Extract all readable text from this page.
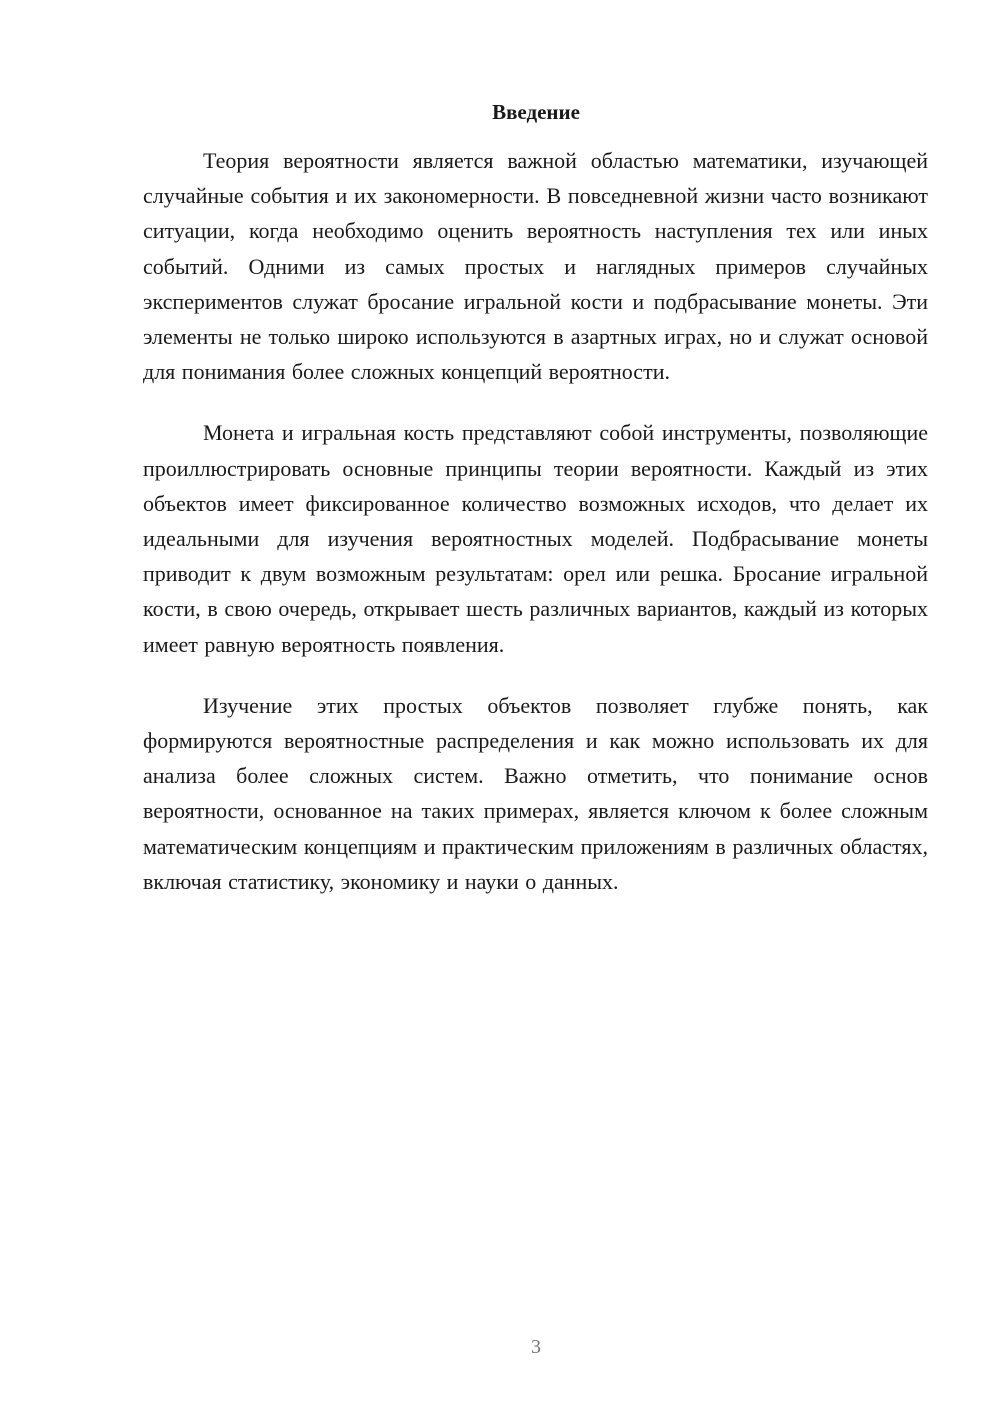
Введение

Теория вероятности является важной областью математики, изучающей случайные события и их закономерности. В повседневной жизни часто возникают ситуации, когда необходимо оценить вероятность наступления тех или иных событий. Одними из самых простых и наглядных примеров случайных экспериментов служат бросание игральной кости и подбрасывание монеты. Эти элементы не только широко используются в азартных играх, но и служат основой для понимания более сложных концепций вероятности.

Монета и игральная кость представляют собой инструменты, позволяющие проиллюстрировать основные принципы теории вероятности. Каждый из этих объектов имеет фиксированное количество возможных исходов, что делает их идеальными для изучения вероятностных моделей. Подбрасывание монеты приводит к двум возможным результатам: орел или решка. Бросание игральной кости, в свою очередь, открывает шесть различных вариантов, каждый из которых имеет равную вероятность появления.

Изучение этих простых объектов позволяет глубже понять, как формируются вероятностные распределения и как можно использовать их для анализа более сложных систем. Важно отметить, что понимание основ вероятности, основанное на таких примерах, является ключом к более сложным математическим концепциям и практическим приложениям в различных областях, включая статистику, экономику и науки о данных.

3
